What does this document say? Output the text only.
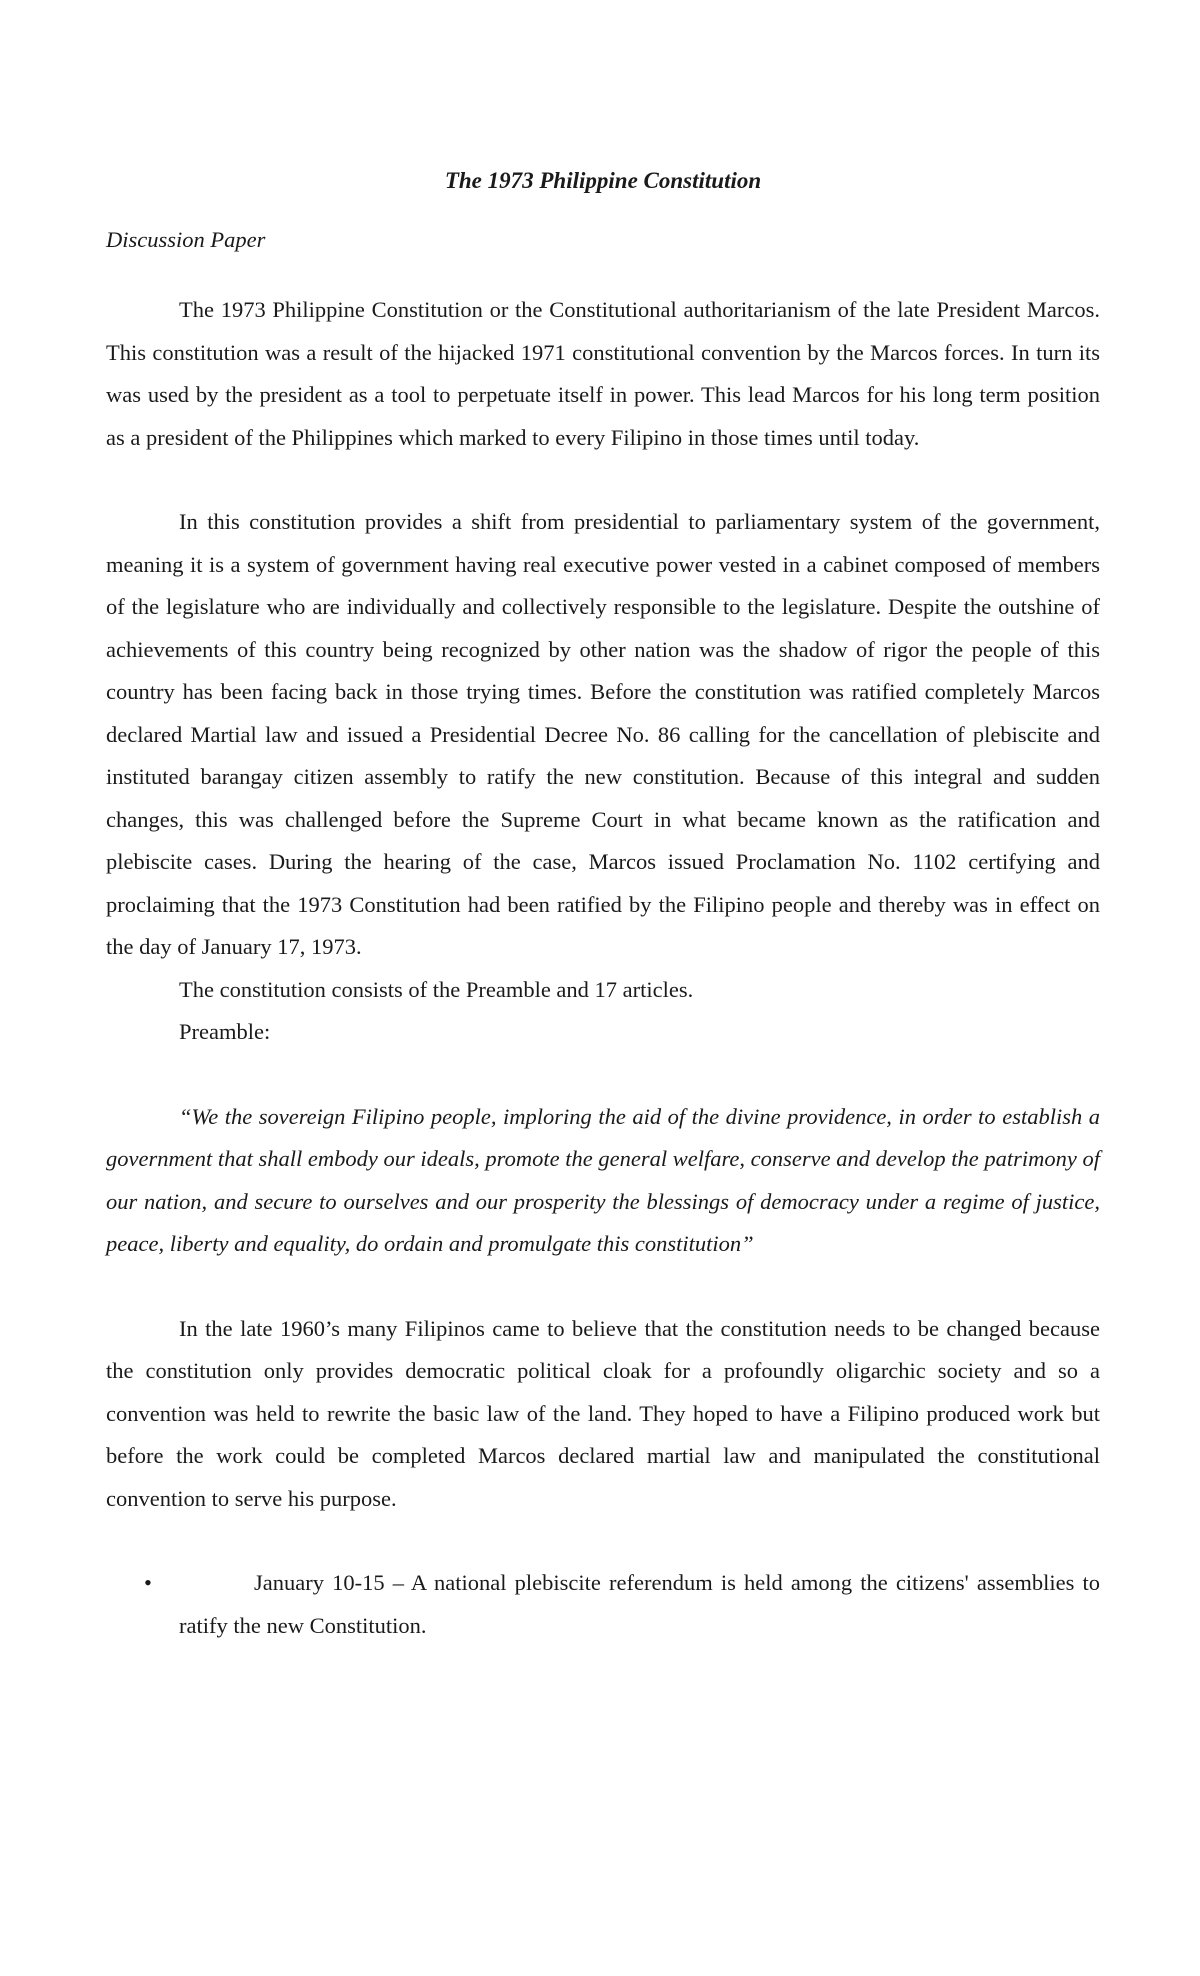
The 1973 Philippine Constitution
Discussion Paper

The 1973 Philippine Constitution or the Constitutional authoritarianism of the late President Marcos. This constitution was a result of the hijacked 1971 constitutional convention by the Marcos forces. In turn its was used by the president as a tool to perpetuate itself in power. This lead Marcos for his long term position as a president of the Philippines which marked to every Filipino in those times until today.

In this constitution provides a shift from presidential to parliamentary system of the government, meaning it is a system of government having real executive power vested in a cabinet composed of members of the legislature who are individually and collectively responsible to the legislature. Despite the outshine of achievements of this country being recognized by other nation was the shadow of rigor the people of this country has been facing back in those trying times. Before the constitution was ratified completely Marcos declared Martial law and issued a Presidential Decree No. 86 calling for the cancellation of plebiscite and instituted barangay citizen assembly to ratify the new constitution. Because of this integral and sudden changes, this was challenged before the Supreme Court in what became known as the ratification and plebiscite cases. During the hearing of the case, Marcos issued Proclamation No. 1102 certifying and proclaiming that the 1973 Constitution had been ratified by the Filipino people and thereby was in effect on the day of January 17, 1973.

The constitution consists of the Preamble and 17 articles.

Preamble:

“We the sovereign Filipino people, imploring the aid of the divine providence, in order to establish a government that shall embody our ideals, promote the general welfare, conserve and develop the patrimony of our nation, and secure to ourselves and our prosperity the blessings of democracy under a regime of justice, peace, liberty and equality, do ordain and promulgate this constitution”

In the late 1960’s many Filipinos came to believe that the constitution needs to be changed because the constitution only provides democratic political cloak for a profoundly oligarchic society and so a convention was held to rewrite the basic law of the land. They hoped to have a Filipino produced work but before the work could be completed Marcos declared martial law and manipulated the constitutional convention to serve his purpose.

•	January 10-15 – A national plebiscite referendum is held among the citizens' assemblies to ratify the new Constitution.
